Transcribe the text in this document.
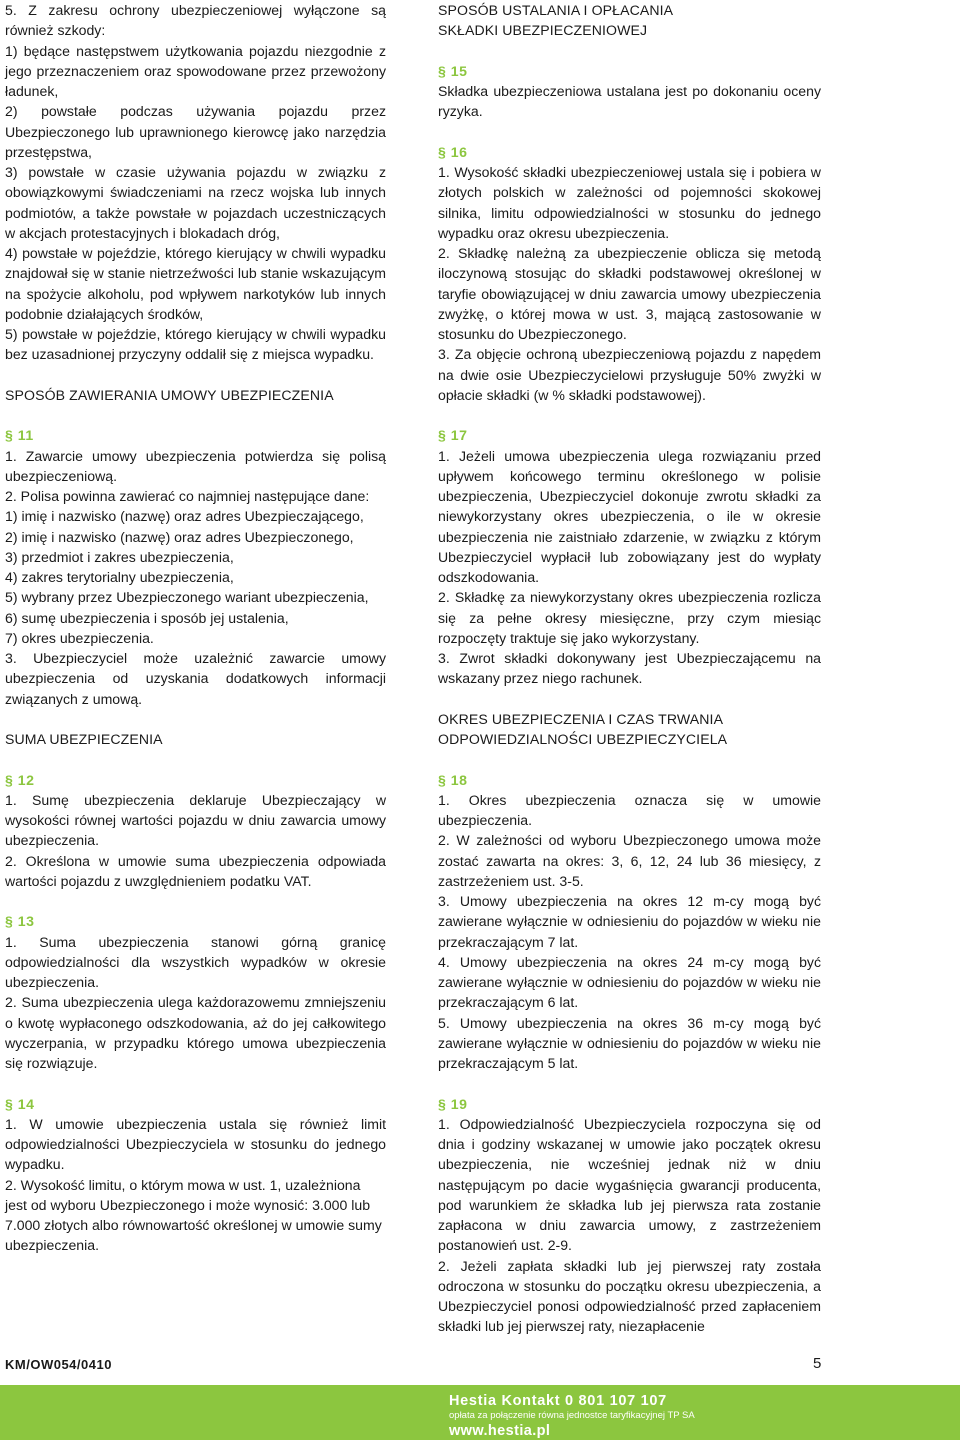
5. Z zakresu ochrony ubezpieczeniowej wyłączone są również szkody:

1) będące następstwem użytkowania pojazdu niezgodnie z jego przeznaczeniem oraz spowodowane przez przewożony ładunek,

2) powstałe podczas używania pojazdu przez Ubezpieczonego lub uprawnionego kierowcę jako narzędzia przestępstwa,

3) powstałe w czasie używania pojazdu w związku z obowiązkowymi świadczeniami na rzecz wojska lub innych podmiotów, a także powstałe w pojazdach uczestniczących w akcjach protestacyjnych i blokadach dróg,

4) powstałe w pojeździe, którego kierujący w chwili wypadku znajdował się w stanie nietrzeźwości lub stanie wskazującym na spożycie alkoholu, pod wpływem narkotyków lub innych podobnie działających środków,

5) powstałe w pojeździe, którego kierujący w chwili wypadku bez uzasadnionej przyczyny oddalił się z miejsca wypadku.

SPOSÓB ZAWIERANIA UMOWY UBEZPIECZENIA
§ 11

1. Zawarcie umowy ubezpieczenia potwierdza się polisą ubezpieczeniową.

2. Polisa powinna zawierać co najmniej następujące dane:

1) imię i nazwisko (nazwę) oraz adres Ubezpieczającego,

2) imię i nazwisko (nazwę) oraz adres Ubezpieczonego,

3) przedmiot i zakres ubezpieczenia,

4) zakres terytorialny ubezpieczenia,

5) wybrany przez Ubezpieczonego wariant ubezpieczenia,

6) sumę ubezpieczenia i sposób jej ustalenia,

7) okres ubezpieczenia.

3. Ubezpieczyciel może uzależnić zawarcie umowy ubezpieczenia od uzyskania dodatkowych informacji związanych z umową.

SUMA UBEZPIECZENIA
§ 12

1. Sumę ubezpieczenia deklaruje Ubezpieczający w wysokości równej wartości pojazdu w dniu zawarcia umowy ubezpieczenia.

2. Określona w umowie suma ubezpieczenia odpowiada wartości pojazdu z uwzględnieniem podatku VAT.

§ 13

1. Suma ubezpieczenia stanowi górną granicę odpowiedzialności dla wszystkich wypadków w okresie ubezpieczenia.

2. Suma ubezpieczenia ulega każdorazowemu zmniejszeniu o kwotę wypłaconego odszkodowania, aż do jej całkowitego wyczerpania, w przypadku którego umowa ubezpieczenia się rozwiązuje.

§ 14

1. W umowie ubezpieczenia ustala się również limit odpowiedzialności Ubezpieczyciela w stosunku do jednego wypadku.

2. Wysokość limitu, o którym mowa w ust. 1, uzależniona jest od wyboru Ubezpieczonego i może wynosić: 3.000 lub 7.000 złotych albo równowartość określonej w umowie sumy ubezpieczenia.

SPOSÓB USTALANIA I OPŁACANIA
SKŁADKI UBEZPIECZENIOWEJ
§ 15

Składka ubezpieczeniowa ustalana jest po dokonaniu oceny ryzyka.

§ 16

1. Wysokość składki ubezpieczeniowej ustala się i pobiera w złotych polskich w zależności od pojemności skokowej silnika, limitu odpowiedzialności w stosunku do jednego wypadku oraz okresu ubezpieczenia.

2. Składkę należną za ubezpieczenie oblicza się metodą iloczynową stosując do składki podstawowej określonej w taryfie obowiązującej w dniu zawarcia umowy ubezpieczenia zwyżkę, o której mowa w ust. 3, mającą zastosowanie w stosunku do Ubezpieczonego.

3. Za objęcie ochroną ubezpieczeniową pojazdu z napędem na dwie osie Ubezpieczycielowi przysługuje 50% zwyżki w opłacie składki (w % składki podstawowej).

§ 17

1. Jeżeli umowa ubezpieczenia ulega rozwiązaniu przed upływem końcowego terminu określonego w polisie ubezpieczenia, Ubezpieczyciel dokonuje zwrotu składki za niewykorzystany okres ubezpieczenia, o ile w okresie ubezpieczenia nie zaistniało zdarzenie, w związku z którym Ubezpieczyciel wypłacił lub zobowiązany jest do wypłaty odszkodowania.

2. Składkę za niewykorzystany okres ubezpieczenia rozlicza się za pełne okresy miesięczne, przy czym miesiąc rozpoczęty traktuje się jako wykorzystany.

3. Zwrot składki dokonywany jest Ubezpieczającemu na wskazany przez niego rachunek.

OKRES UBEZPIECZENIA I CZAS TRWANIA
ODPOWIEDZIALNOŚCI UBEZPIECZYCIELA
§ 18

1. Okres ubezpieczenia oznacza się w umowie ubezpieczenia.

2. W zależności od wyboru Ubezpieczonego umowa może zostać zawarta na okres: 3, 6, 12, 24 lub 36 miesięcy, z zastrzeżeniem ust. 3-5.

3. Umowy ubezpieczenia na okres 12 m-cy mogą być zawierane wyłącznie w odniesieniu do pojazdów w wieku nie przekraczającym 7 lat.

4. Umowy ubezpieczenia na okres 24 m-cy mogą być zawierane wyłącznie w odniesieniu do pojazdów w wieku nie przekraczającym 6 lat.

5. Umowy ubezpieczenia na okres 36 m-cy mogą być zawierane wyłącznie w odniesieniu do pojazdów w wieku nie przekraczającym 5 lat.

§ 19

1. Odpowiedzialność Ubezpieczyciela rozpoczyna się od dnia i godziny wskazanej w umowie jako początek okresu ubezpieczenia, nie wcześniej jednak niż w dniu następującym po dacie wygaśnięcia gwarancji producenta, pod warunkiem że składka lub jej pierwsza rata zostanie zapłacona w dniu zawarcia umowy, z zastrzeżeniem postanowień ust. 2-9.

2. Jeżeli zapłata składki lub jej pierwszej raty została odroczona w stosunku do początku okresu ubezpieczenia, a Ubezpieczyciel ponosi odpowiedzialność przed zapłaceniem składki lub jej pierwszej raty, niezapłacenie

KM/OW054/0410	5
Hestia Kontakt 0 801 107 107
opłata za połączenie równa jednostce taryfikacyjnej TP SA
www.hestia.pl
